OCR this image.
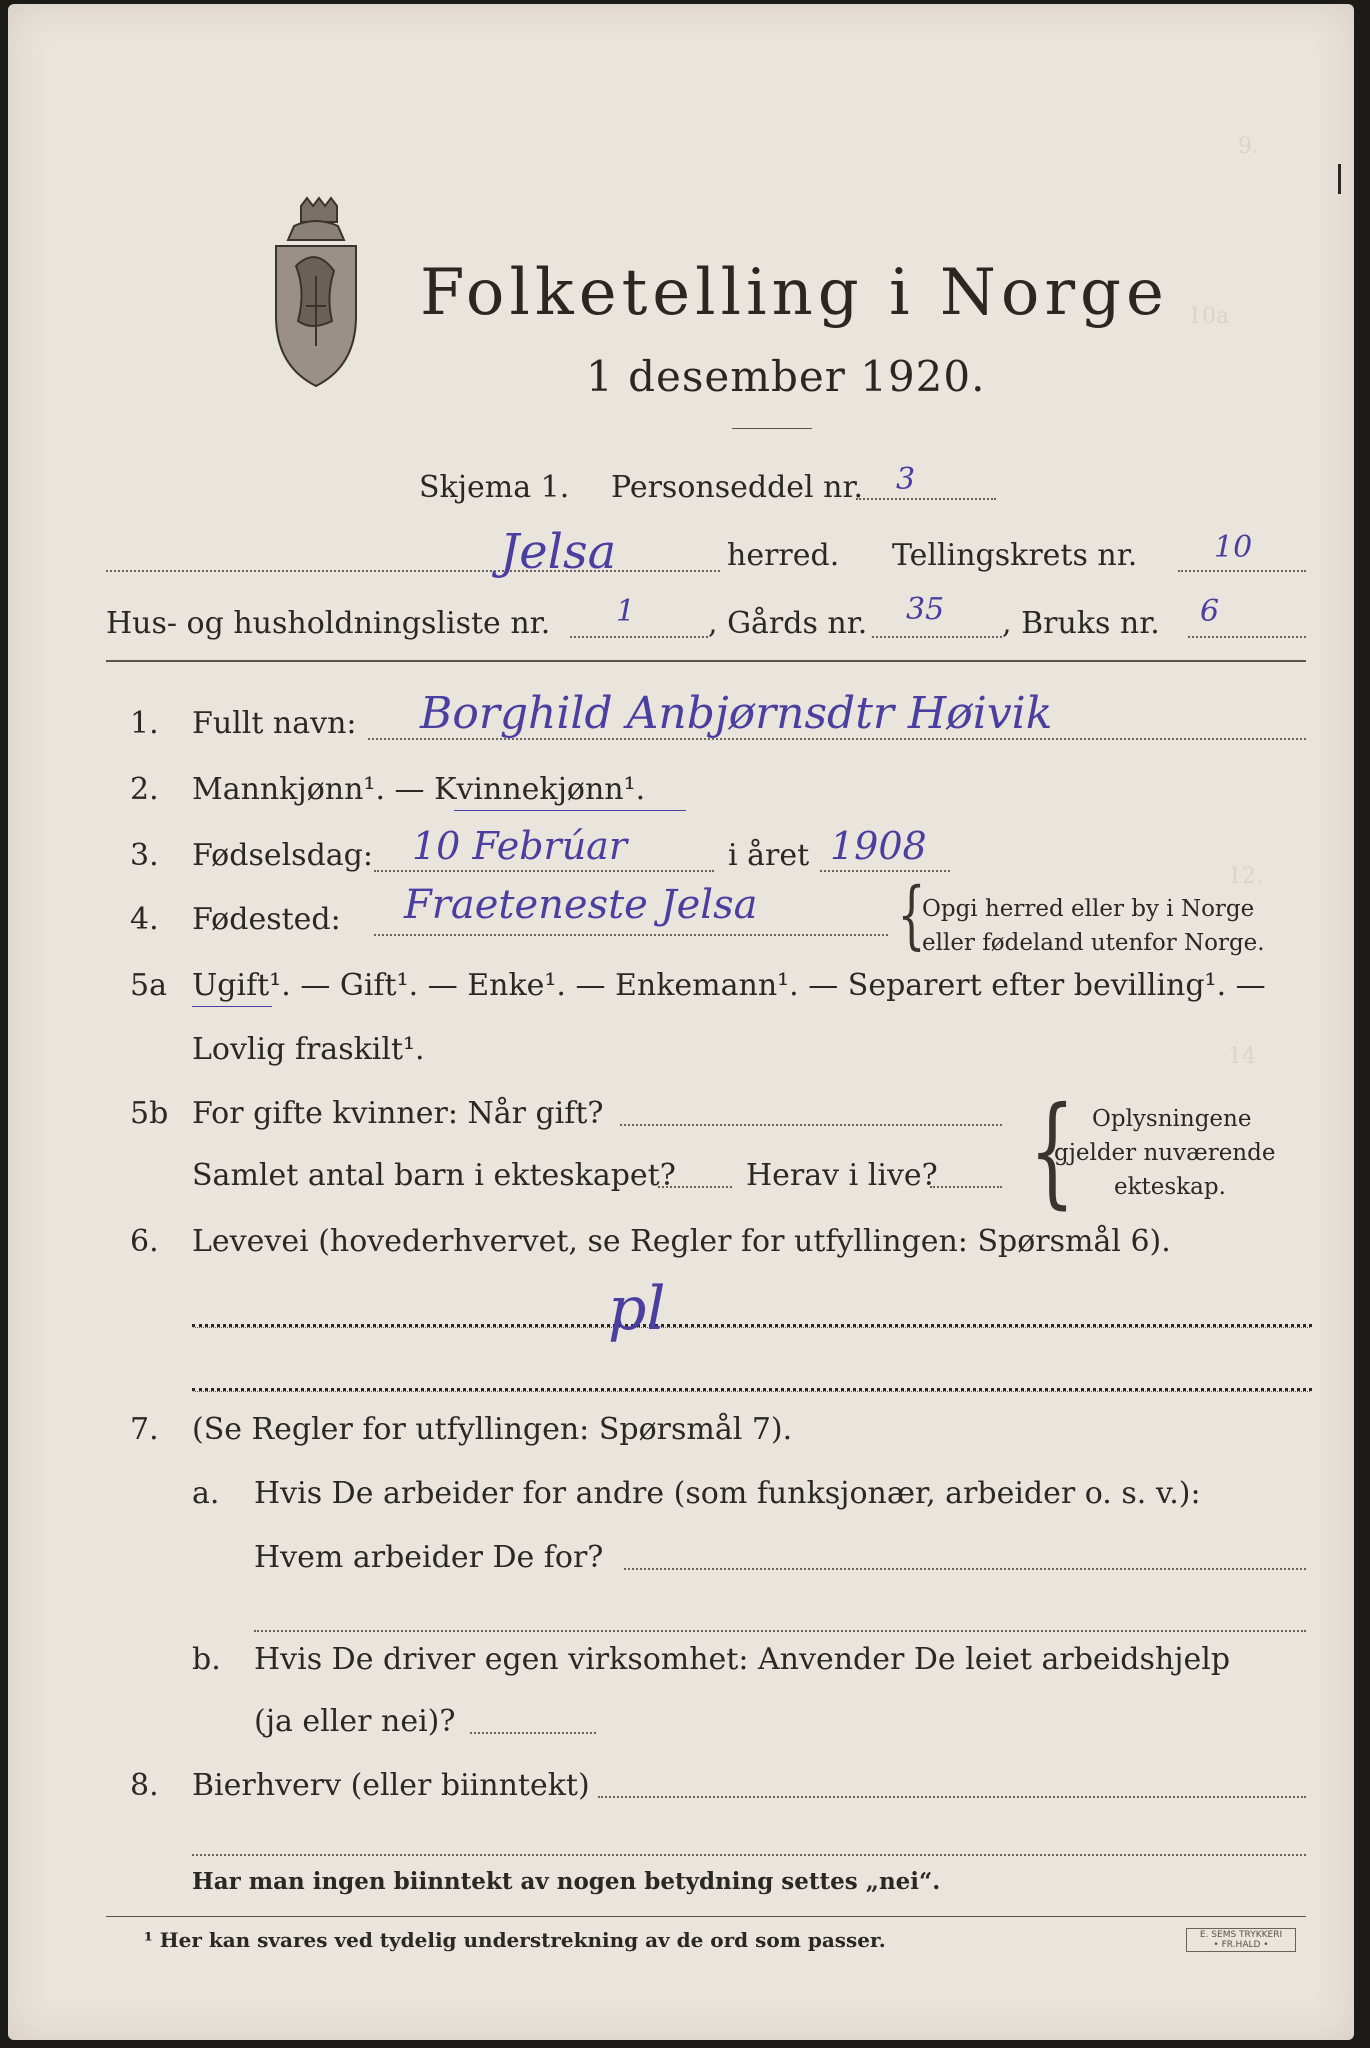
9.
10a
12.
14
Folketelling i Norge
1 desember 1920.
Skjema 1. Personseddel nr. 3
Jelsa	herred. Tellingskrets nr.	10
Hus- og husholdningsliste nr. 1 , Gårds nr. 35 , Bruks nr. 6
1. Fullt navn: Borghild Anbjørnsdtr Høivik
2. Mannkjønn¹. — Kvinnekjønn¹.
3. Fødselsdag: 10 Febrúar	i året 1908
4. Fødested: Fraeteneste Jelsa {
Opgi herred eller by i Norge
eller fødeland utenfor Norge.
5a Ugift¹. — Gift¹. — Enke¹. — Enkemann¹. — Separert efter bevilling¹. —
Lovlig fraskilt¹.
5b For gifte kvinner: Når gift?
Samlet antal barn i ekteskapet? Herav i live? { Oplysningene
gjelder nuværende
ekteskap.
6. Levevei (hovederhvervet, se Regler for utfyllingen: Spørsmål 6).
pl
7. (Se Regler for utfyllingen: Spørsmål 7).
a. Hvis De arbeider for andre (som funksjonær, arbeider o. s. v.):
Hvem arbeider De for?
b. Hvis De driver egen virksomhet: Anvender De leiet arbeidshjelp
(ja eller nei)?
8. Bierhverv (eller biinntekt)
Har man ingen biinntekt av nogen betydning settes „nei“.
¹ Her kan svares ved tydelig understrekning av de ord som passer.	E. SEMS TRYKKERI
• FR.HALD •
